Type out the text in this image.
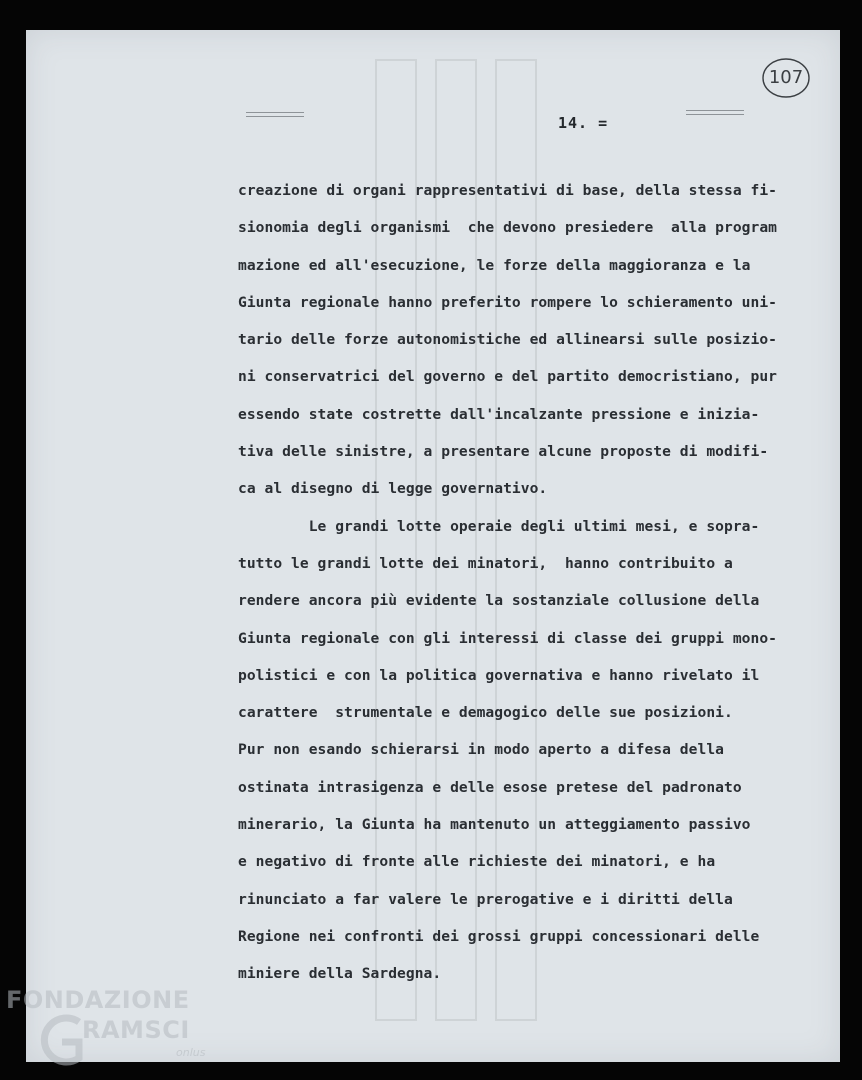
14. =
107
creazione di organi rappresentativi di base, della stessa fi-
sionomia degli organismi  che devono presiedere  alla program
mazione ed all'esecuzione, le forze della maggioranza e la
Giunta regionale hanno preferito rompere lo schieramento uni-
tario delle forze autonomistiche ed allinearsi sulle posizio-
ni conservatrici del governo e del partito democristiano, pur
essendo state costrette dall'incalzante pressione e inizia-
tiva delle sinistre, a presentare alcune proposte di modifi-
ca al disegno di legge governativo.
Le grandi lotte operaie degli ultimi mesi, e sopra-
tutto le grandi lotte dei minatori,  hanno contribuito a
rendere ancora più evidente la sostanziale collusione della
Giunta regionale con gli interessi di classe dei gruppi mono-
polistici e con la politica governativa e hanno rivelato il
carattere  strumentale e demagogico delle sue posizioni.
Pur non esando schierarsi in modo aperto a difesa della
ostinata intrasigenza e delle esose pretese del padronato
minerario, la Giunta ha mantenuto un atteggiamento passivo
e negativo di fronte alle richieste dei minatori, e ha
rinunciato a far valere le prerogative e i diritti della
Regione nei confronti dei grossi gruppi concessionari delle
miniere della Sardegna.
FONDAZIONE
RAMSCI
onlus
